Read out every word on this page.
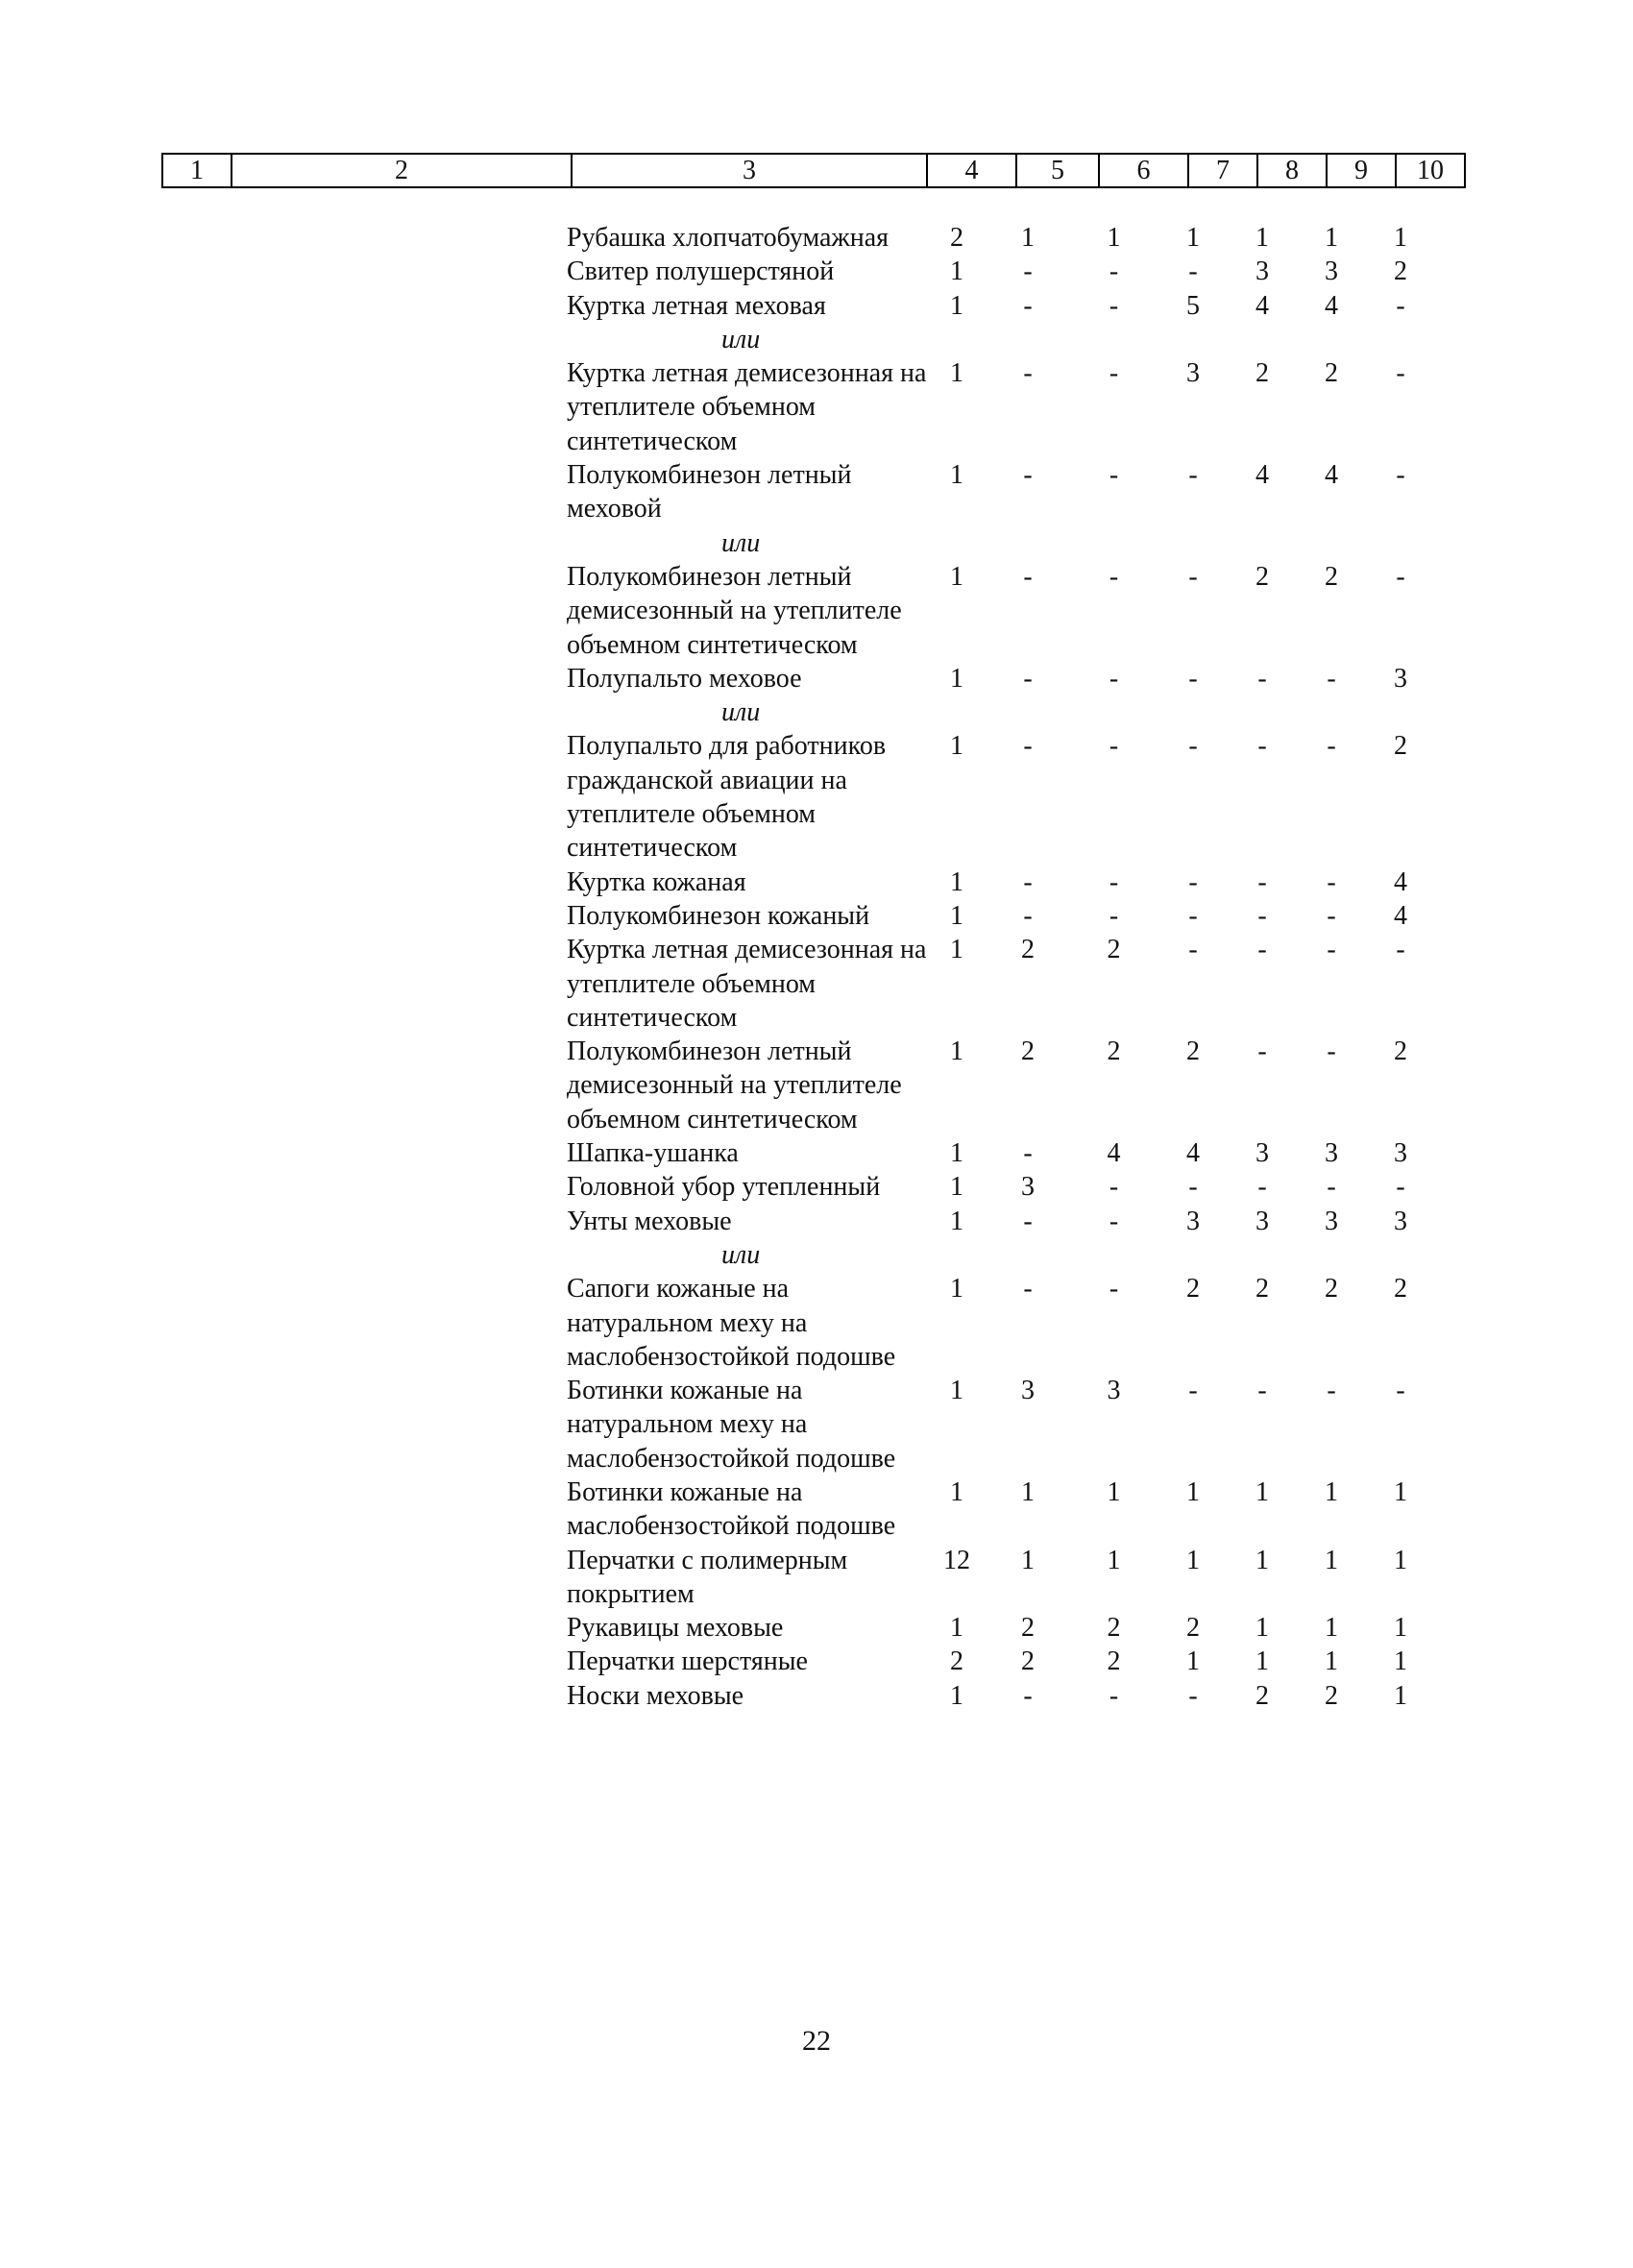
1	2	3	4	5	6	7	8	9	10
Рубашка хлопчатобумажная	2	1	1	1	1	1	1
Свитер полушерстяной	1	-	-	-	3	3	2
Куртка летная меховая	1	-	-	5	4	4	-
или							
Куртка летная демисезонная на утеплителе объемном синтетическом	1	-	-	3	2	2	-
Полукомбинезон летный меховой	1	-	-	-	4	4	-
или							
Полукомбинезон летный демисезонный на утеплителе объемном синтетическом	1	-	-	-	2	2	-
Полупальто меховое	1	-	-	-	-	-	3
или							
Полупальто для работников гражданской авиации на утеплителе объемном синтетическом	1	-	-	-	-	-	2
Куртка кожаная	1	-	-	-	-	-	4
Полукомбинезон кожаный	1	-	-	-	-	-	4
Куртка летная демисезонная на утеплителе объемном синтетическом	1	2	2	-	-	-	-
Полукомбинезон летный демисезонный на утеплителе объемном синтетическом	1	2	2	2	-	-	2
Шапка-ушанка	1	-	4	4	3	3	3
Головной убор утепленный	1	3	-	-	-	-	-
Унты меховые	1	-	-	3	3	3	3
или							
Сапоги кожаные на натуральном меху на маслобензостойкой подошве	1	-	-	2	2	2	2
Ботинки кожаные на натуральном меху на маслобензостойкой подошве	1	3	3	-	-	-	-
Ботинки кожаные на маслобензостойкой подошве	1	1	1	1	1	1	1
Перчатки с полимерным покрытием	12	1	1	1	1	1	1
Рукавицы меховые	1	2	2	2	1	1	1
Перчатки шерстяные	2	2	2	1	1	1	1
Носки меховые	1	-	-	-	2	2	1
22
